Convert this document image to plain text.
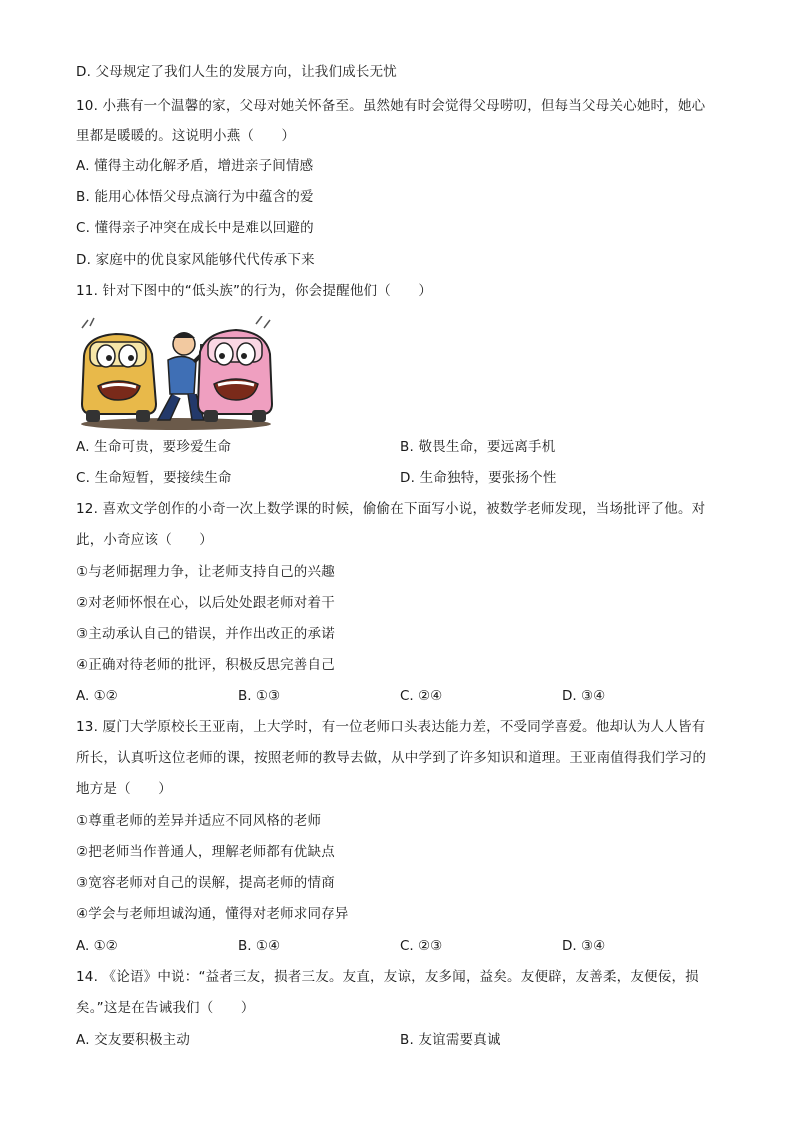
D. 父母规定了我们人生的发展方向，让我们成长无忧
10. 小燕有一个温馨的家，父母对她关怀备至。虽然她有时会觉得父母唠叨，但每当父母关心她时，她心
里都是暖暖的。这说明小燕（　　）
A. 懂得主动化解矛盾，增进亲子间情感
B. 能用心体悟父母点滴行为中蕴含的爱
C. 懂得亲子冲突在成长中是难以回避的
D. 家庭中的优良家风能够代代传承下来
11. 针对下图中的“低头族”的行为，你会提醒他们（　　）
A. 生命可贵，要珍爱生命	B. 敬畏生命，要远离手机
C. 生命短暂，要接续生命	D. 生命独特，要张扬个性
12. 喜欢文学创作的小奇一次上数学课的时候，偷偷在下面写小说，被数学老师发现，当场批评了他。对
此，小奇应该（　　）
①与老师据理力争，让老师支持自己的兴趣
②对老师怀恨在心，以后处处跟老师对着干
③主动承认自己的错误，并作出改正的承诺
④正确对待老师的批评，积极反思完善自己
A. ①②	B. ①③	C. ②④	D. ③④
13. 厦门大学原校长王亚南，上大学时，有一位老师口头表达能力差，不受同学喜爱。他却认为人人皆有
所长，认真听这位老师的课，按照老师的教导去做，从中学到了许多知识和道理。王亚南值得我们学习的
地方是（　　）
①尊重老师的差异并适应不同风格的老师
②把老师当作普通人，理解老师都有优缺点
③宽容老师对自己的误解，提高老师的情商
④学会与老师坦诚沟通，懂得对老师求同存异
A. ①②	B. ①④	C. ②③	D. ③④
14. 《论语》中说：“益者三友，损者三友。友直，友谅，友多闻，益矣。友便辟，友善柔，友便佞，损
矣。”这是在告诫我们（　　）
A. 交友要积极主动	B. 友谊需要真诚
